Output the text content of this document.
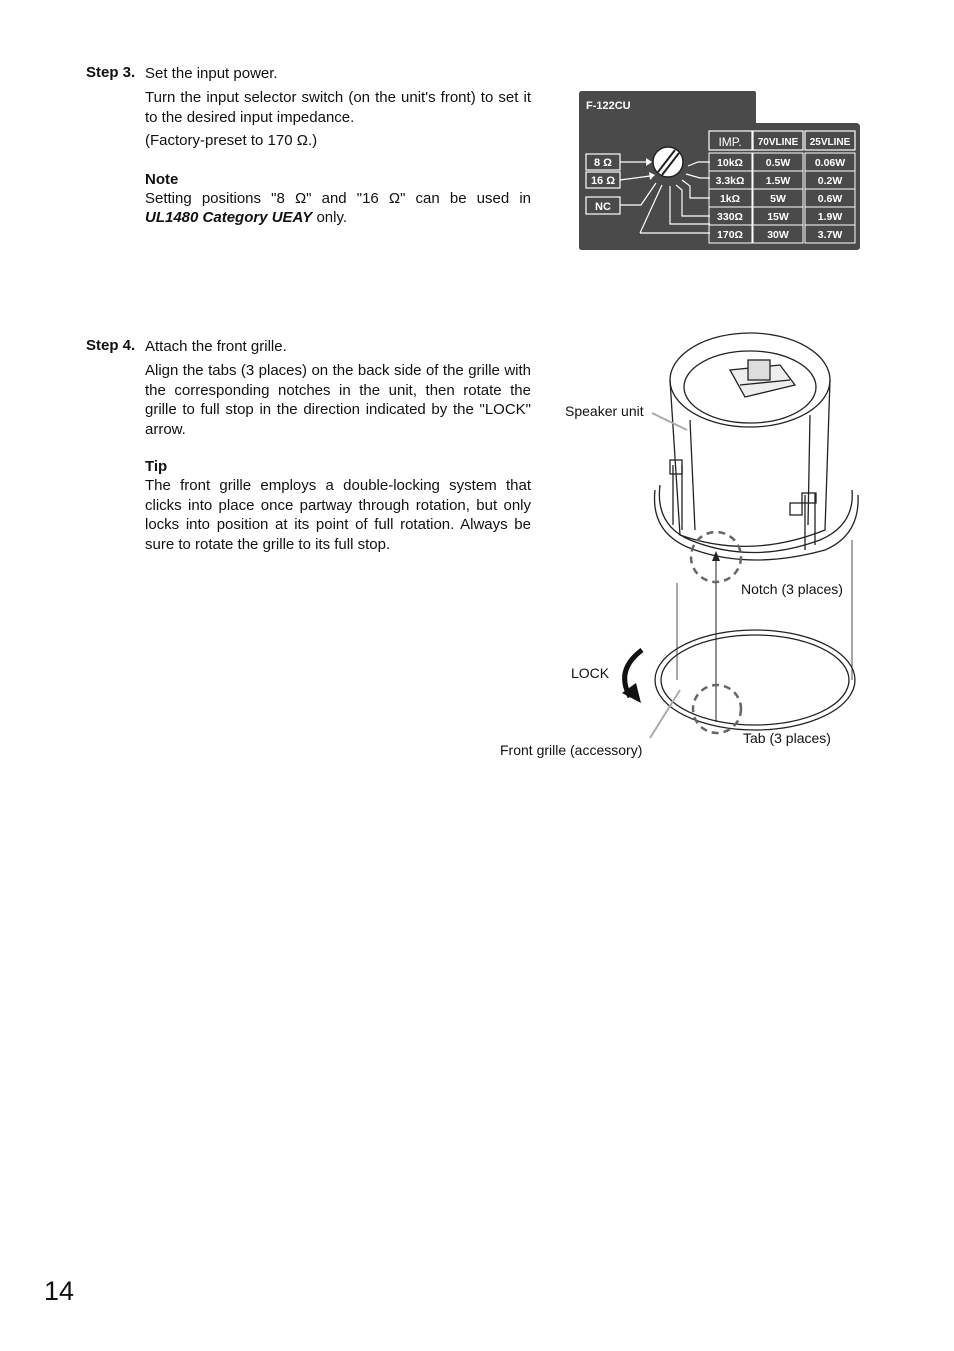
Step 3. Set the input power.
Turn the input selector switch (on the unit's front) to set it to the desired input impedance.
(Factory-preset to 170 Ω.)
Note
Setting positions "8 Ω" and "16 Ω" can be used in
UL1480 Category UEAY only.
F-122CU
8 Ω
16 Ω
NC
IMP. 70VLINE 25VLINE
10kΩ 0.5W 0.06W
3.3kΩ 1.5W	0.2W
1kΩ	5W	0.6W
330Ω 15W	1.9W
170Ω 30W	3.7W
Step 4. Attach the front grille.
Align the tabs (3 places) on the back side of the grille with the corresponding notches in the unit, then rotate the grille to full stop in the direction indicated by the "LOCK" arrow.
Tip
The front grille employs a double-locking system that clicks into place once partway through rotation, but only locks into position at its point of full rotation. Always be sure to rotate the grille to its full stop.
Speaker unit
Notch (3 places)
LOCK
Tab (3 places)
Front grille (accessory)
14
